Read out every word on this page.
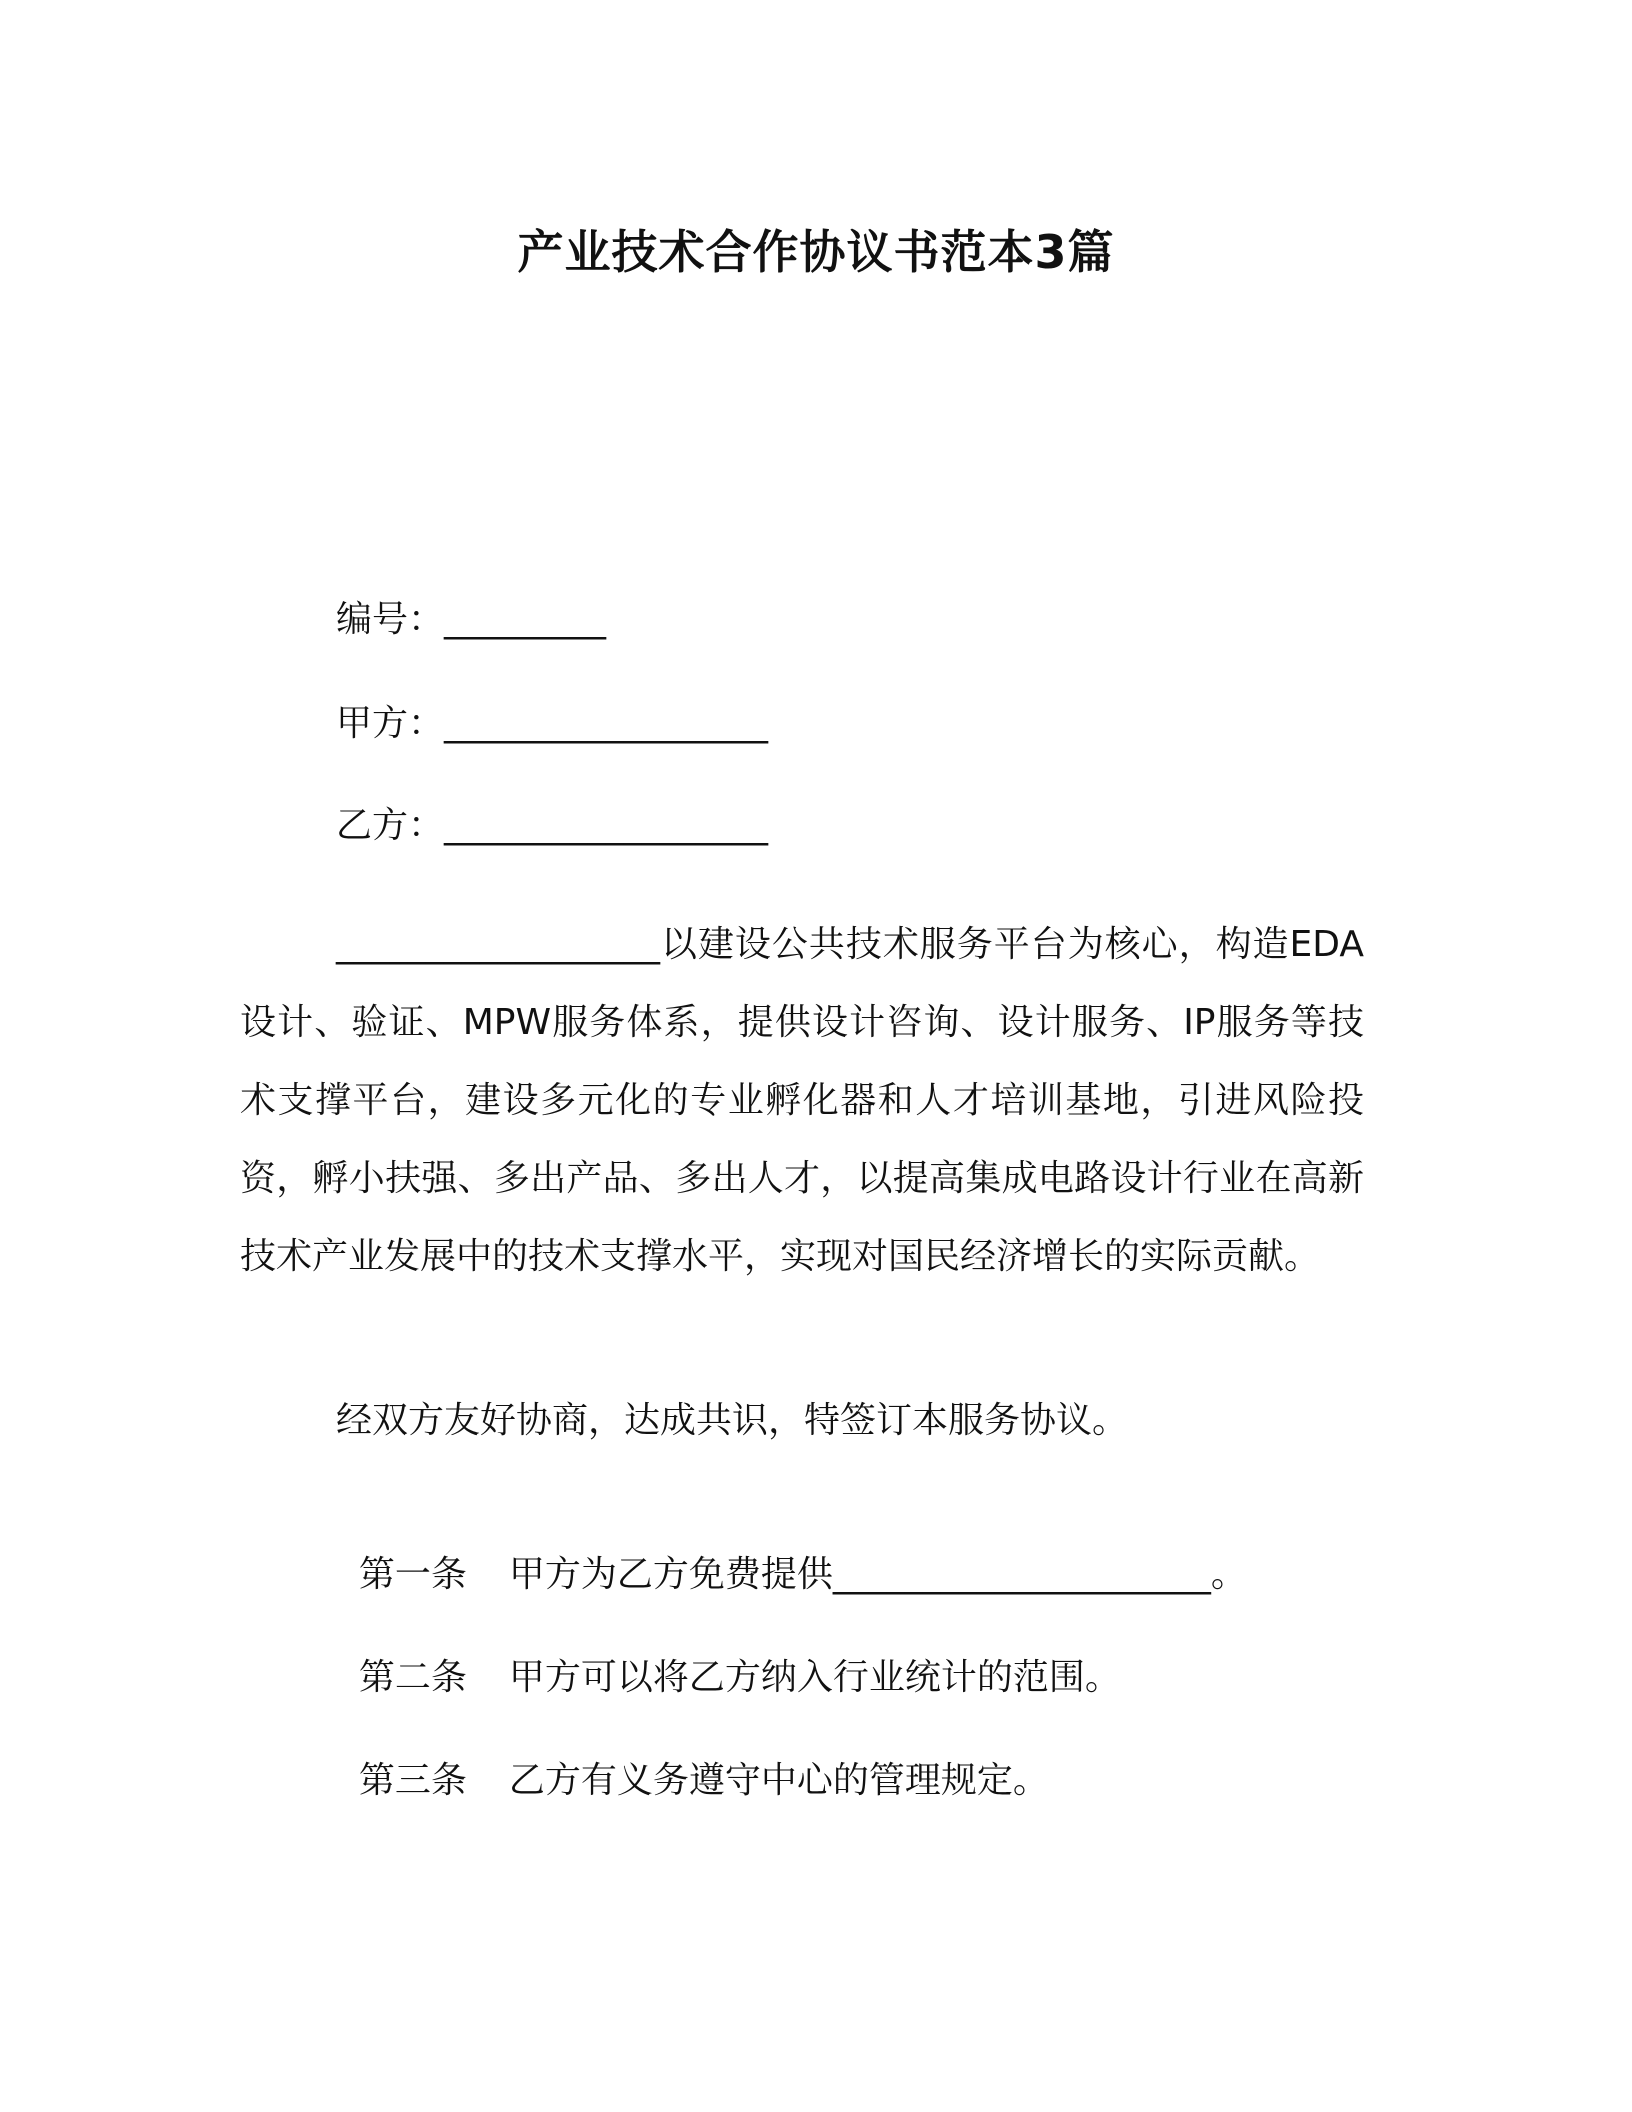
产业技术合作协议书范本3篇
编号：_________
甲方：__________________
乙方：__________________
__________________以建设公共技术服务平台为核心，构造EDA设计、验证、MPW服务体系，提供设计咨询、设计服务、IP服务等技术支撑平台，建设多元化的专业孵化器和人才培训基地，引进风险投资，孵小扶强、多出产品、多出人才，以提高集成电路设计行业在高新技术产业发展中的技术支撑水平，实现对国民经济增长的实际贡献。
经双方友好协商，达成共识，特签订本服务协议。

第一条 甲方为乙方免费提供_____________________。

第二条 甲方可以将乙方纳入行业统计的范围。

第三条 乙方有义务遵守中心的管理规定。
